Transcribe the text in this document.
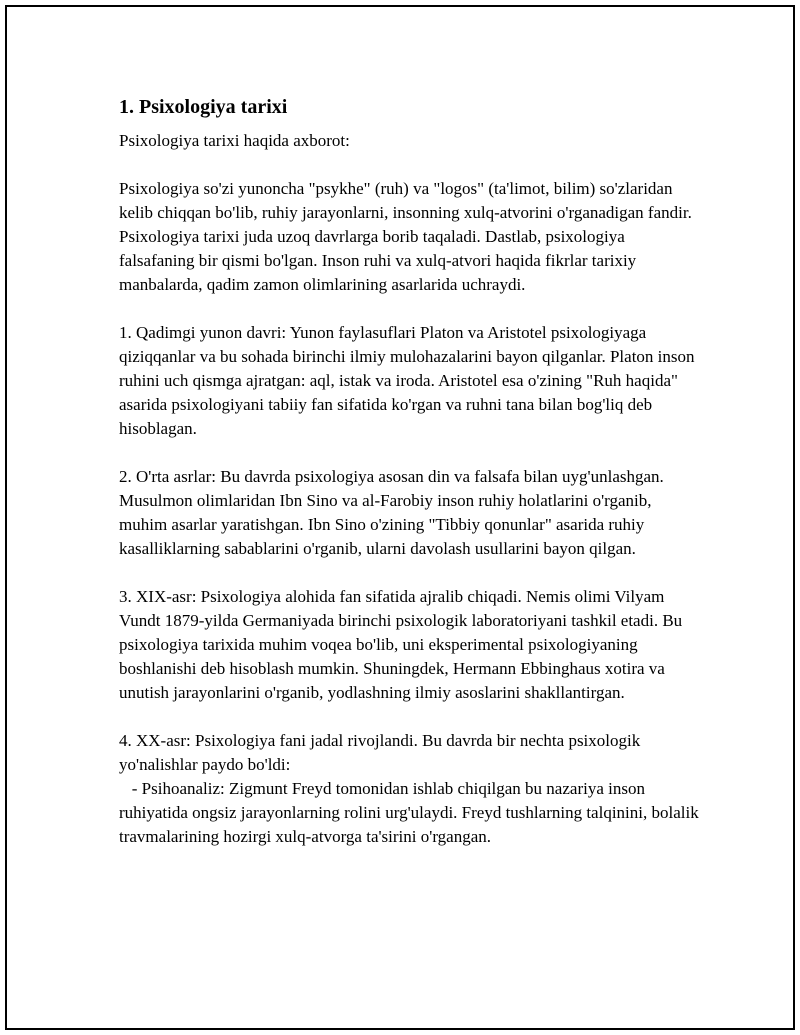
1. Psixologiya tarixi

Psixologiya tarixi haqida axborot:

Psixologiya so'zi yunoncha "psykhe" (ruh) va "logos" (ta'limot, bilim) so'zlaridan kelib chiqqan bo'lib, ruhiy jarayonlarni, insonning xulq-atvorini o'rganadigan fandir. Psixologiya tarixi juda uzoq davrlarga borib taqaladi. Dastlab, psixologiya falsafaning bir qismi bo'lgan. Inson ruhi va xulq-atvori haqida fikrlar tarixiy manbalarda, qadim zamon olimlarining asarlarida uchraydi.

1. Qadimgi yunon davri: Yunon faylasuflari Platon va Aristotel psixologiyaga qiziqqanlar va bu sohada birinchi ilmiy mulohazalarini bayon qilganlar. Platon inson ruhini uch qismga ajratgan: aql, istak va iroda. Aristotel esa o'zining "Ruh haqida" asarida psixologiyani tabiiy fan sifatida ko'rgan va ruhni tana bilan bog'liq deb hisoblagan.

2. O'rta asrlar: Bu davrda psixologiya asosan din va falsafa bilan uyg'unlashgan. Musulmon olimlaridan Ibn Sino va al-Farobiy inson ruhiy holatlarini o'rganib, muhim asarlar yaratishgan. Ibn Sino o'zining "Tibbiy qonunlar" asarida ruhiy kasalliklarning sabablarini o'rganib, ularni davolash usullarini bayon qilgan.

3. XIX-asr: Psixologiya alohida fan sifatida ajralib chiqadi. Nemis olimi Vilyam Vundt 1879-yilda Germaniyada birinchi psixologik laboratoriyani tashkil etadi. Bu psixologiya tarixida muhim voqea bo'lib, uni eksperimental psixologiyaning boshlanishi deb hisoblash mumkin. Shuningdek, Hermann Ebbinghaus xotira va unutish jarayonlarini o'rganib, yodlashning ilmiy asoslarini shakllantirgan.

4. XX-asr: Psixologiya fani jadal rivojlandi. Bu davrda bir nechta psixologik yo'nalishlar paydo bo'ldi:
- Psihoanaliz: Zigmunt Freyd tomonidan ishlab chiqilgan bu nazariya inson ruhiyatida ongsiz jarayonlarning rolini urg'ulaydi. Freyd tushlarning talqinini, bolalik travmalarining hozirgi xulq-atvorga ta'sirini o'rgangan.
